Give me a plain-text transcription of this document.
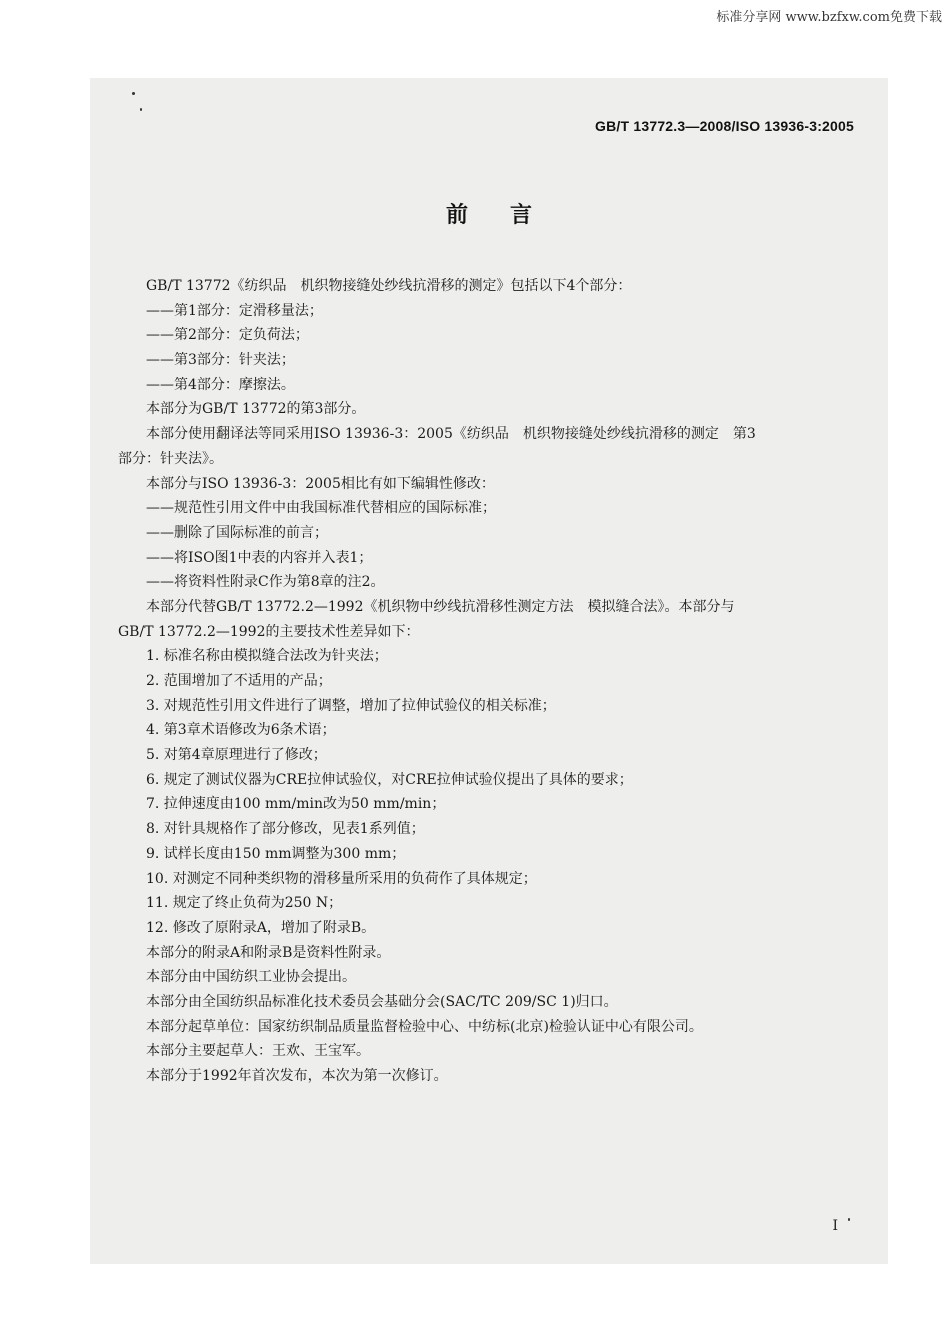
标准分享网 www.bzfxw.com免费下载
GB/T 13772.3—2008/ISO 13936-3:2005
前言
GB/T 13772《纺织品　机织物接缝处纱线抗滑移的测定》包括以下4个部分：
——第1部分：定滑移量法；
——第2部分：定负荷法；
——第3部分：针夹法；
——第4部分：摩擦法。
本部分为GB/T 13772的第3部分。
本部分使用翻译法等同采用ISO 13936-3：2005《纺织品　机织物接缝处纱线抗滑移的测定　第3
部分：针夹法》。
本部分与ISO 13936-3：2005相比有如下编辑性修改：
——规范性引用文件中由我国标准代替相应的国际标准；
——删除了国际标准的前言；
——将ISO图1中表的内容并入表1；
——将资料性附录C作为第8章的注2。
本部分代替GB/T 13772.2—1992《机织物中纱线抗滑移性测定方法　模拟缝合法》。本部分与
GB/T 13772.2—1992的主要技术性差异如下：
1. 标准名称由模拟缝合法改为针夹法；
2. 范围增加了不适用的产品；
3. 对规范性引用文件进行了调整，增加了拉伸试验仪的相关标准；
4. 第3章术语修改为6条术语；
5. 对第4章原理进行了修改；
6. 规定了测试仪器为CRE拉伸试验仪，对CRE拉伸试验仪提出了具体的要求；
7. 拉伸速度由100 mm/min改为50 mm/min；
8. 对针具规格作了部分修改，见表1系列值；
9. 试样长度由150 mm调整为300 mm；
10. 对测定不同种类织物的滑移量所采用的负荷作了具体规定；
11. 规定了终止负荷为250 N；
12. 修改了原附录A，增加了附录B。
本部分的附录A和附录B是资料性附录。
本部分由中国纺织工业协会提出。
本部分由全国纺织品标准化技术委员会基础分会(SAC/TC 209/SC 1)归口。
本部分起草单位：国家纺织制品质量监督检验中心、中纺标(北京)检验认证中心有限公司。
本部分主要起草人：王欢、王宝军。
本部分于1992年首次发布，本次为第一次修订。
I
